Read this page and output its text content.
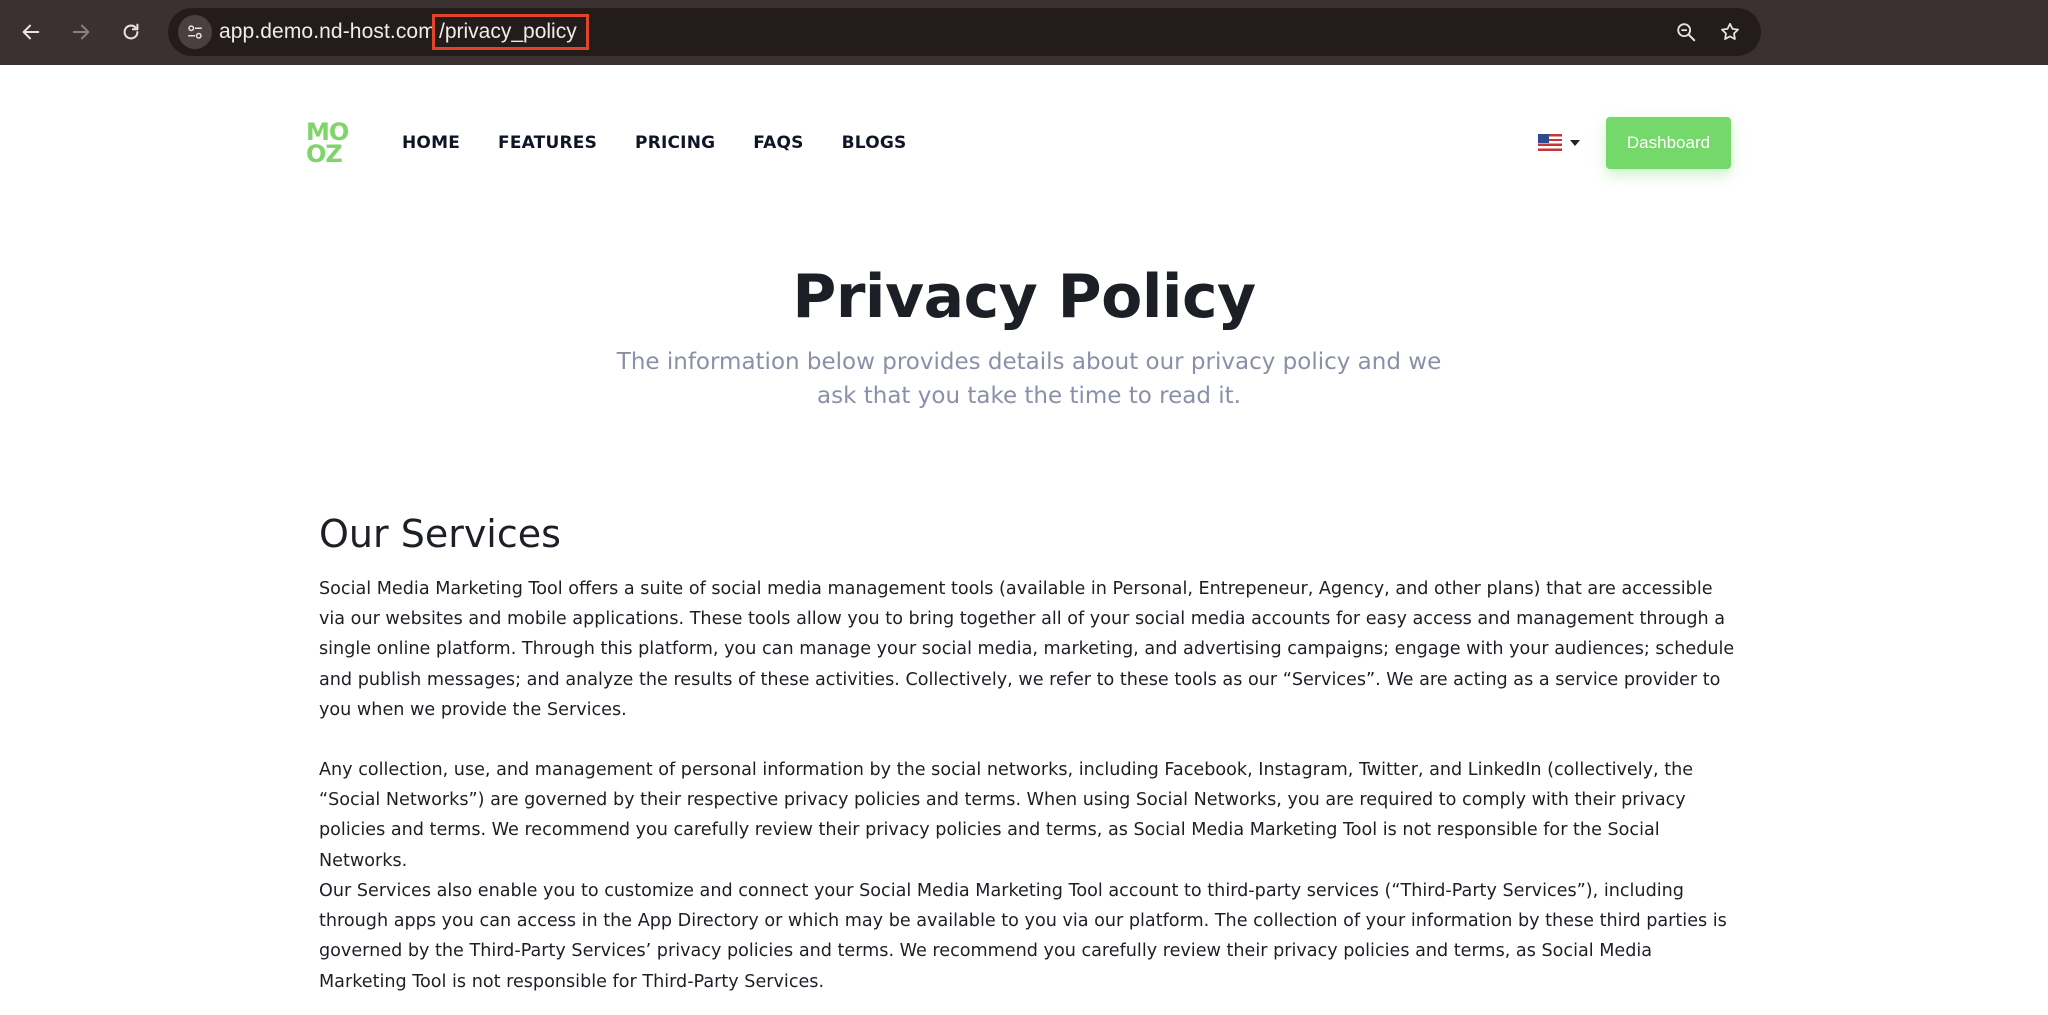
app.demo.nd-host.com /privacy_policy
MO
OZ	HOME FEATURES PRICING FAQS BLOGS	Dashboard
Privacy Policy
The information below provides details about our privacy policy and we ask that you take the time to read it.
Our Services

Social Media Marketing Tool offers a suite of social media management tools (available in Personal, Entrepeneur, Agency, and other plans) that are accessible via our websites and mobile applications. These tools allow you to bring together all of your social media accounts for easy access and management through a single online platform. Through this platform, you can manage your social media, marketing, and advertising campaigns; engage with your audiences; schedule and publish messages; and analyze the results of these activities. Collectively, we refer to these tools as our “Services”. We are acting as a service provider to you when we provide the Services.

Any collection, use, and management of personal information by the social networks, including Facebook, Instagram, Twitter, and LinkedIn (collectively, the “Social Networks”) are governed by their respective privacy policies and terms. When using Social Networks, you are required to comply with their privacy policies and terms. We recommend you carefully review their privacy policies and terms, as Social Media Marketing Tool is not responsible for the Social Networks.

Our Services also enable you to customize and connect your Social Media Marketing Tool account to third-party services (“Third-Party Services”), including through apps you can access in the App Directory or which may be available to you via our platform. The collection of your information by these third parties is governed by the Third-Party Services’ privacy policies and terms. We recommend you carefully review their privacy policies and terms, as Social Media Marketing Tool is not responsible for Third-Party Services.
